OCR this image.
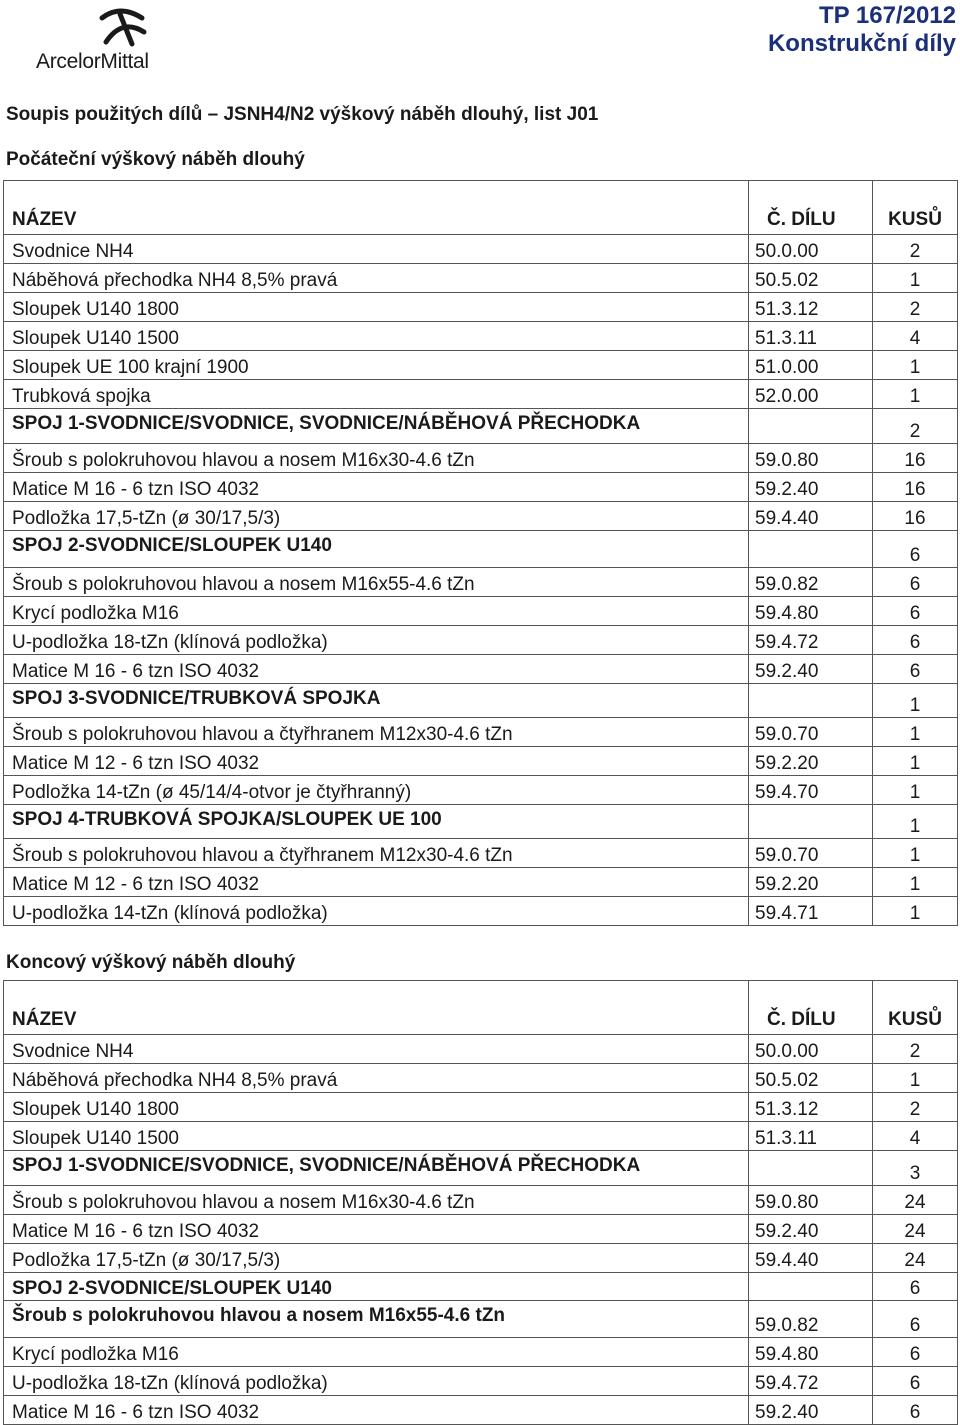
ArcelorMittal
TP 167/2012
Konstrukční díly
Soupis použitých dílů – JSNH4/N2 výškový náběh dlouhý, list J01
Počáteční výškový náběh dlouhý
NÁZEV	Č. DÍLU	KUSŮ
Svodnice NH4	50.0.00	2
Náběhová přechodka NH4 8,5% pravá	50.5.02	1
Sloupek U140 1800	51.3.12	2
Sloupek U140 1500	51.3.11	4
Sloupek UE 100 krajní 1900	51.0.00	1
Trubková spojka	52.0.00	1
SPOJ 1-SVODNICE/SVODNICE, SVODNICE/NÁBĚHOVÁ PŘECHODKA		2
Šroub s polokruhovou hlavou a nosem M16x30-4.6 tZn	59.0.80	16
Matice M 16 - 6 tzn ISO 4032	59.2.40	16
Podložka 17,5-tZn (ø 30/17,5/3)	59.4.40	16
SPOJ 2-SVODNICE/SLOUPEK U140		6
Šroub s polokruhovou hlavou a nosem M16x55-4.6 tZn	59.0.82	6
Krycí podložka M16	59.4.80	6
U-podložka 18-tZn (klínová podložka)	59.4.72	6
Matice M 16 - 6 tzn ISO 4032	59.2.40	6
SPOJ 3-SVODNICE/TRUBKOVÁ SPOJKA		1
Šroub s polokruhovou hlavou a čtyřhranem M12x30-4.6 tZn	59.0.70	1
Matice M 12 - 6 tzn ISO 4032	59.2.20	1
Podložka 14-tZn (ø 45/14/4-otvor je čtyřhranný)	59.4.70	1
SPOJ 4-TRUBKOVÁ SPOJKA/SLOUPEK UE 100		1
Šroub s polokruhovou hlavou a čtyřhranem M12x30-4.6 tZn	59.0.70	1
Matice M 12 - 6 tzn ISO 4032	59.2.20	1
U-podložka 14-tZn (klínová podložka)	59.4.71	1
Koncový výškový náběh dlouhý
NÁZEV	Č. DÍLU	KUSŮ
Svodnice NH4	50.0.00	2
Náběhová přechodka NH4 8,5% pravá	50.5.02	1
Sloupek U140 1800	51.3.12	2
Sloupek U140 1500	51.3.11	4
SPOJ 1-SVODNICE/SVODNICE, SVODNICE/NÁBĚHOVÁ PŘECHODKA		3
Šroub s polokruhovou hlavou a nosem M16x30-4.6 tZn	59.0.80	24
Matice M 16 - 6 tzn ISO 4032	59.2.40	24
Podložka 17,5-tZn (ø 30/17,5/3)	59.4.40	24
SPOJ 2-SVODNICE/SLOUPEK U140		6
Šroub s polokruhovou hlavou a nosem M16x55-4.6 tZn	59.0.82	6
Krycí podložka M16	59.4.80	6
U-podložka 18-tZn (klínová podložka)	59.4.72	6
Matice M 16 - 6 tzn ISO 4032	59.2.40	6
